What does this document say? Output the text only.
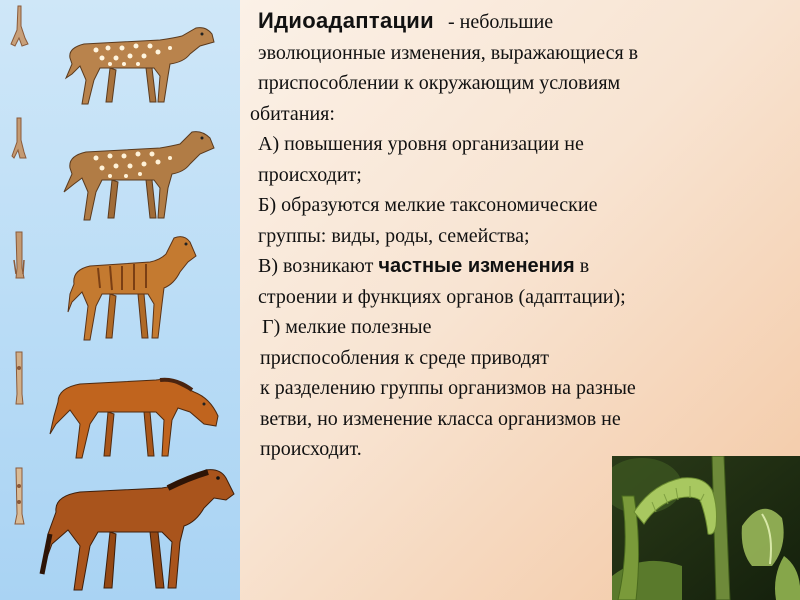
Идиоадаптации - небольшие
эволюционные изменения, выражающиеся в
приспособлении к окружающим условиям
обитания:
А) повышения уровня организации не
происходит;
Б) образуются мелкие таксономические
группы: виды, роды, семейства;
В) возникают частные изменения в
строении и функциях органов (адаптации);
Г) мелкие полезные
приспособления к среде приводят
к разделению группы организмов на разные
ветви, но изменение класса организмов не
происходит.
